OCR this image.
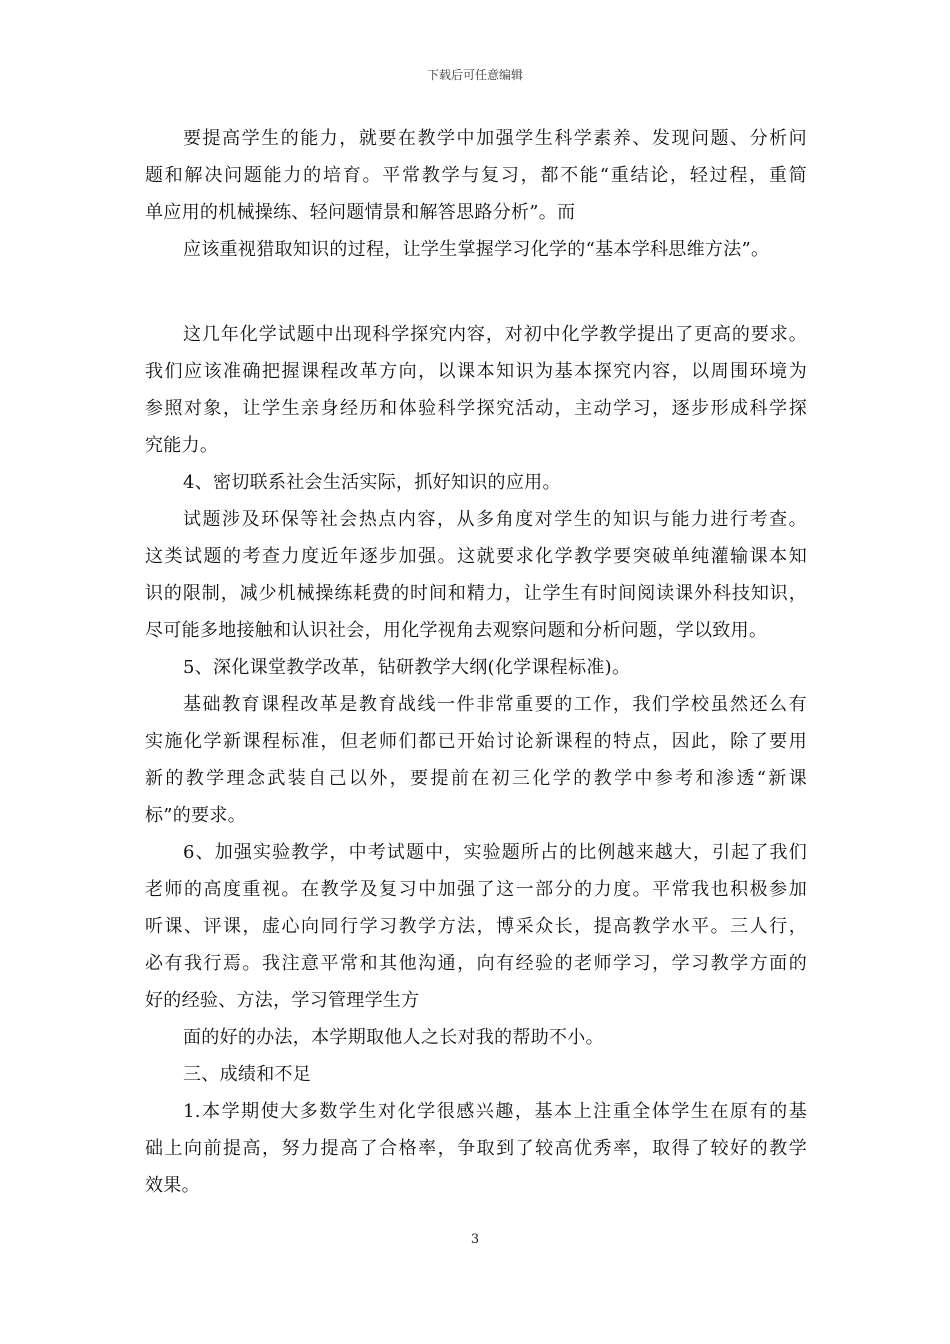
下载后可任意编辑
要提高学生的能力，就要在教学中加强学生科学素养、发现问题、分析问
题和解决问题能力的培育。平常教学与复习，都不能“重结论，轻过程，重简
单应用的机械操练、轻问题情景和解答思路分析”。而
应该重视猎取知识的过程，让学生掌握学习化学的“基本学科思维方法”。
这几年化学试题中出现科学探究内容，对初中化学教学提出了更高的要求。
我们应该准确把握课程改革方向，以课本知识为基本探究内容，以周围环境为
参照对象，让学生亲身经历和体验科学探究活动，主动学习，逐步形成科学探
究能力。
4、密切联系社会生活实际，抓好知识的应用。
试题涉及环保等社会热点内容，从多角度对学生的知识与能力进行考查。
这类试题的考查力度近年逐步加强。这就要求化学教学要突破单纯灌输课本知
识的限制，减少机械操练耗费的时间和精力，让学生有时间阅读课外科技知识，
尽可能多地接触和认识社会，用化学视角去观察问题和分析问题，学以致用。
5、深化课堂教学改革，钻研教学大纲(化学课程标准)。
基础教育课程改革是教育战线一件非常重要的工作，我们学校虽然还么有
实施化学新课程标准，但老师们都已开始讨论新课程的特点，因此，除了要用
新的教学理念武装自己以外，要提前在初三化学的教学中参考和渗透“新课
标”的要求。
6、加强实验教学，中考试题中，实验题所占的比例越来越大，引起了我们
老师的高度重视。在教学及复习中加强了这一部分的力度。平常我也积极参加
听课、评课，虚心向同行学习教学方法，博采众长，提高教学水平。三人行，
必有我行焉。我注意平常和其他沟通，向有经验的老师学习，学习教学方面的
好的经验、方法，学习管理学生方
面的好的办法，本学期取他人之长对我的帮助不小。
三、成绩和不足
1.本学期使大多数学生对化学很感兴趣，基本上注重全体学生在原有的基
础上向前提高，努力提高了合格率，争取到了较高优秀率，取得了较好的教学
效果。
3
